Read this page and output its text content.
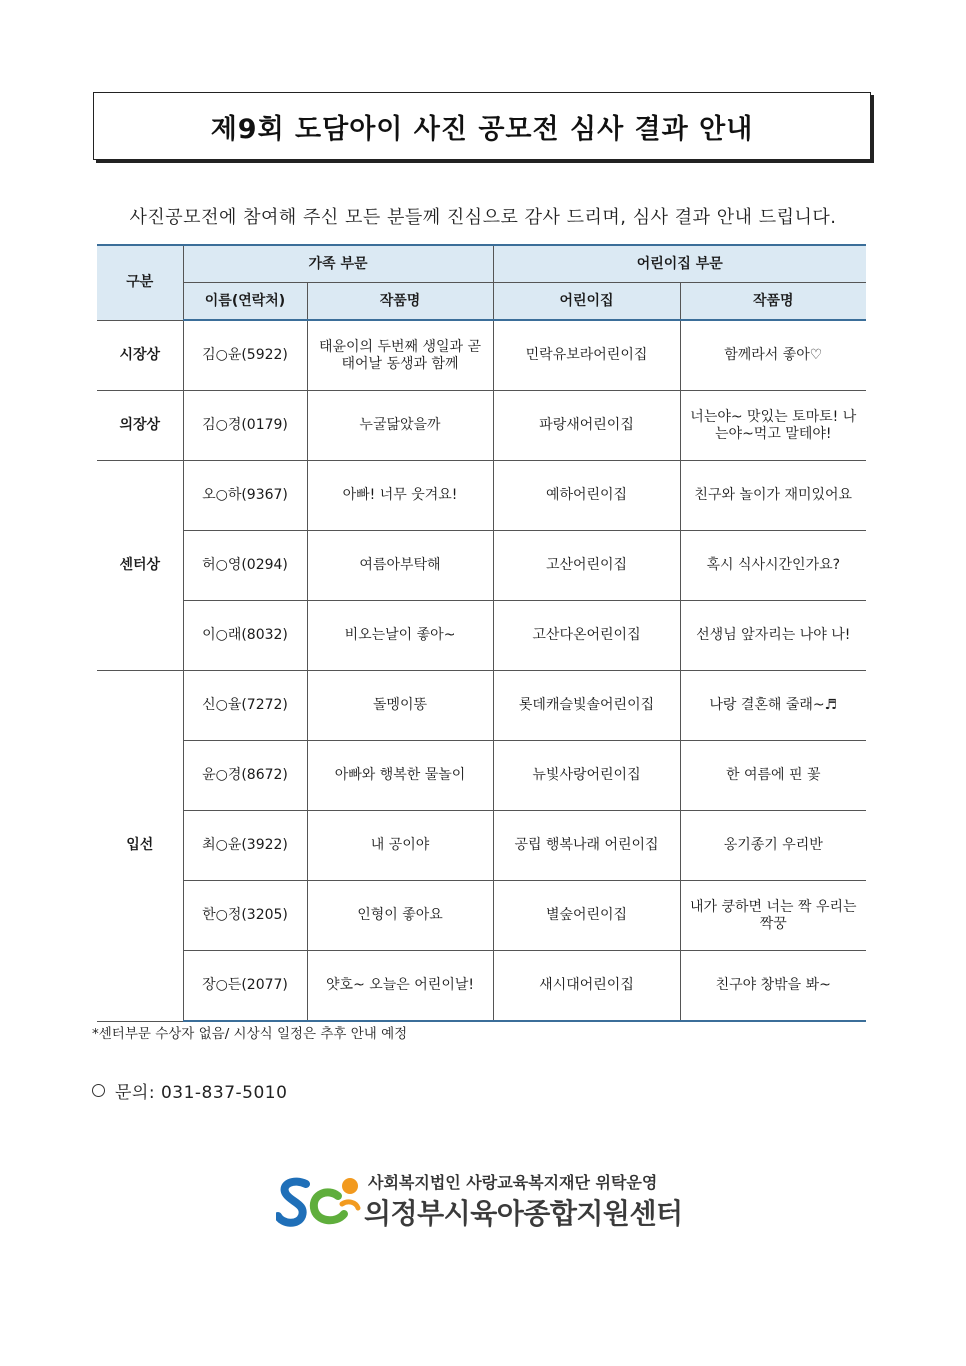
제9회 도담아이 사진 공모전 심사 결과 안내
사진공모전에 참여해 주신 모든 분들께 진심으로 감사 드리며, 심사 결과 안내 드립니다.
구분	가족 부문		어린이집 부문	
	이름(연락처)	작품명	어린이집	작품명
시장상	김○윤(5922)	태윤이의 두번째 생일과 곧 태어날 동생과 함께	민락유보라어린이집	함께라서 좋아♡
의장상	김○경(0179)	누굴닮았을까	파랑새어린이집	너는야~ 맛있는 토마토! 나는야~먹고 말테야!
센터상	오○하(9367)	아빠! 너무 웃겨요!	예하어린이집	친구와 놀이가 재미있어요
	허○영(0294)	여름아부탁해	고산어린이집	혹시 식사시간인가요?
	이○래(8032)	비오는날이 좋아~	고산다온어린이집	선생님 앞자리는 나야 나!
입선	신○율(7272)	돌멩이똥	롯데캐슬빛솔어린이집	나랑 결혼해 줄래~♬
	윤○경(8672)	아빠와 행복한 물놀이	뉴빛사랑어린이집	한 여름에 핀 꽃
	최○윤(3922)	내 공이야	공립 행복나래 어린이집	옹기종기 우리반
	한○정(3205)	인형이 좋아요	별숲어린이집	내가 쿵하면 너는 짝 우리는 짝꿍
	장○든(2077)	얏호~ 오늘은 어린이날!	새시대어린이집	친구야 창밖을 봐~
*센터부문 수상자 없음/ 시상식 일정은 추후 안내 예정
문의: 031-837-5010
사회복지법인 사랑교육복지재단 위탁운영
의정부시육아종합지원센터
